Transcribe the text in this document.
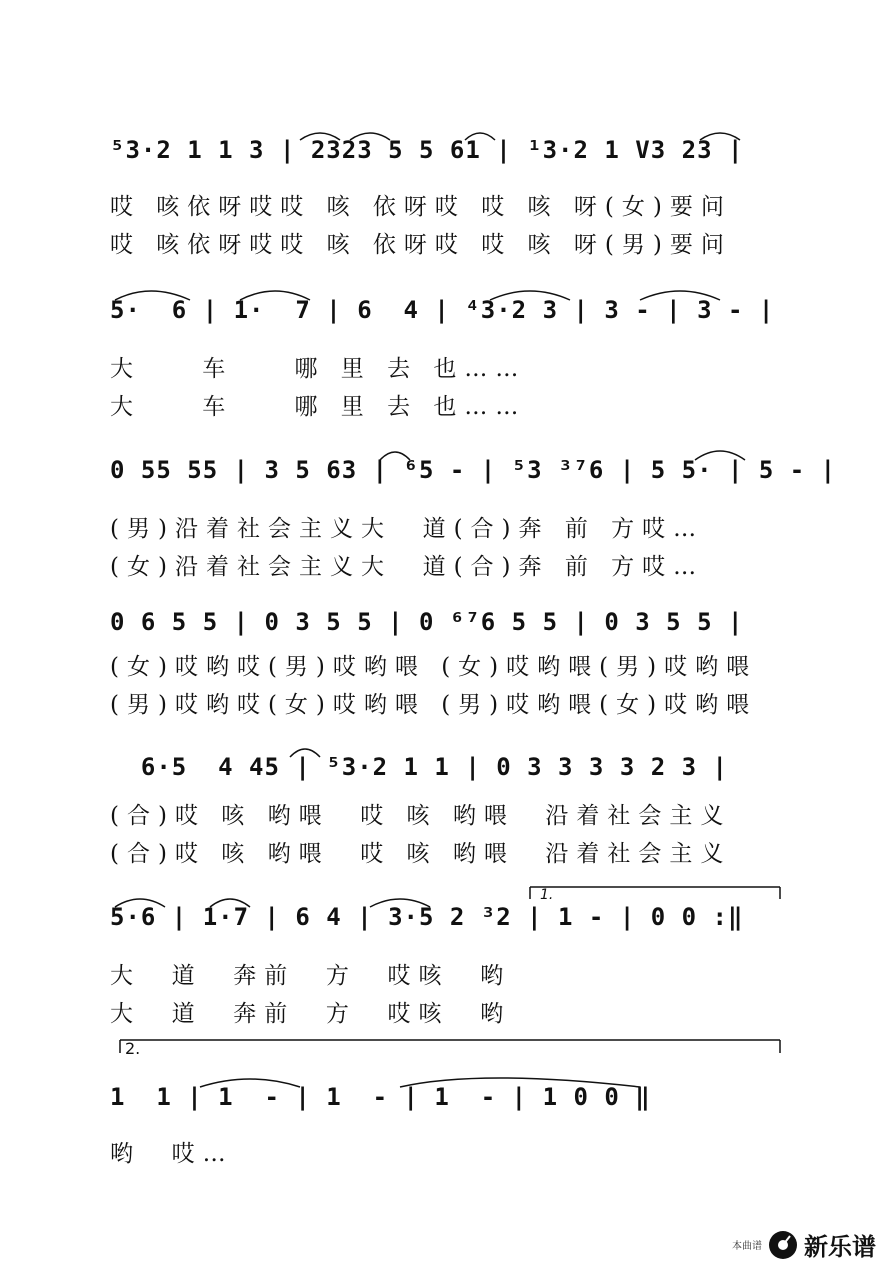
⁵3·2 1 1 3 | 2323 5 5 61 | ¹3·2 1 V3 23 |
哎 咳依呀哎哎 咳 依呀哎 哎 咳 呀(女)要问
哎 咳依呀哎哎 咳 依呀哎 哎 咳 呀(男)要问
5·  6 | 1·  7 | 6  4 | ⁴3·2 3 | 3 - | 3 - |
大    车    哪 里 去 也……
大    车    哪 里 去 也……
0 55 55 | 3 5 63 | ⁶5 - | ⁵3 ³⁷6 | 5 5· | 5 - |
(男)沿着社会主义大  道(合)奔 前 方哎…
(女)沿着社会主义大  道(合)奔 前 方哎…
0 6 5 5 | 0 3 5 5 | 0 ⁶⁷6 5 5 | 0 3 5 5 |
(女)哎哟哎(男)哎哟喂 (女)哎哟喂(男)哎哟喂
(男)哎哟哎(女)哎哟喂 (男)哎哟喂(女)哎哟喂
6·5  4 45 | ⁵3·2 1 1 | 0 3 3 3 3 2 3 |
(合)哎 咳 哟喂  哎 咳 哟喂  沿着社会主义
(合)哎 咳 哟喂  哎 咳 哟喂  沿着社会主义
5·6 | 1·7 | 6 4 | 3·5 2 ³2 | 1 - | 0 0 :‖
1.
大  道  奔前  方  哎咳  哟
大  道  奔前  方  哎咳  哟
2.
1  1 | 1  - | 1  - | 1  - | 1 0 0 ‖
哟  哎…
本曲谱 新乐谱
